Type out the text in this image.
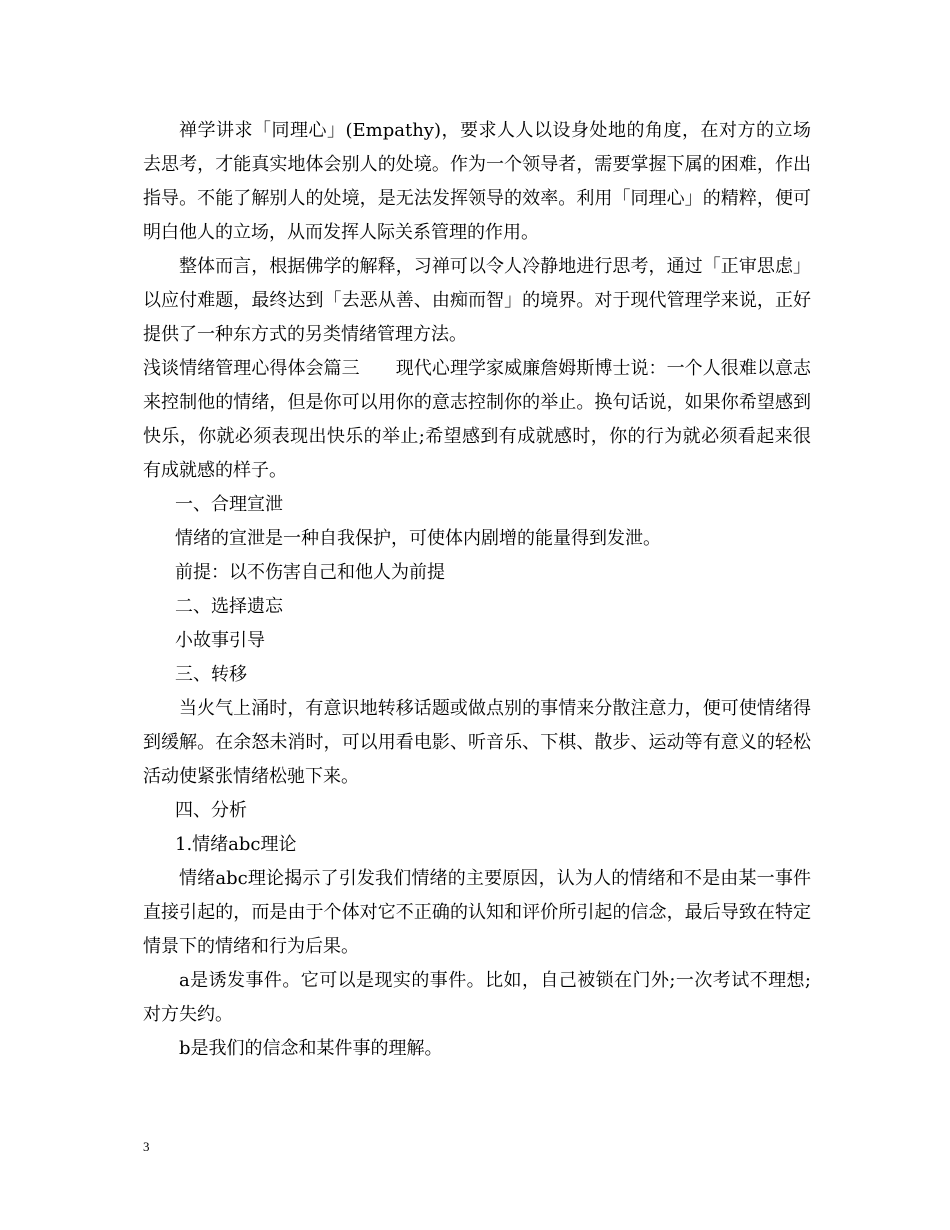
禅学讲求「同理心」(Empathy)，要求人人以设身处地的角度，在对方的立场去思考，才能真实地体会别人的处境。作为一个领导者，需要掌握下属的困难，作出指导。不能了解别人的处境，是无法发挥领导的效率。利用「同理心」的精粹，便可明白他人的立场，从而发挥人际关系管理的作用。

整体而言，根据佛学的解释，习禅可以令人冷静地进行思考，通过「正审思虑」以应付难题，最终达到「去恶从善、由痴而智」的境界。对于现代管理学来说，正好提供了一种东方式的另类情绪管理方法。

浅谈情绪管理心得体会篇三　　现代心理学家威廉詹姆斯博士说：一个人很难以意志来控制他的情绪，但是你可以用你的意志控制你的举止。换句话说，如果你希望感到快乐，你就必须表现出快乐的举止;希望感到有成就感时，你的行为就必须看起来很有成就感的样子。

一、合理宣泄

情绪的宣泄是一种自我保护，可使体内剧增的能量得到发泄。

前提：以不伤害自己和他人为前提

二、选择遗忘

小故事引导

三、转移

当火气上涌时，有意识地转移话题或做点别的事情来分散注意力，便可使情绪得到缓解。在余怒未消时，可以用看电影、听音乐、下棋、散步、运动等有意义的轻松活动使紧张情绪松驰下来。

四、分析

1.情绪abc理论

情绪abc理论揭示了引发我们情绪的主要原因，认为人的情绪和不是由某一事件直接引起的，而是由于个体对它不正确的认知和评价所引起的信念，最后导致在特定情景下的情绪和行为后果。

a是诱发事件。它可以是现实的事件。比如，自己被锁在门外;一次考试不理想;对方失约。

b是我们的信念和某件事的理解。

3
